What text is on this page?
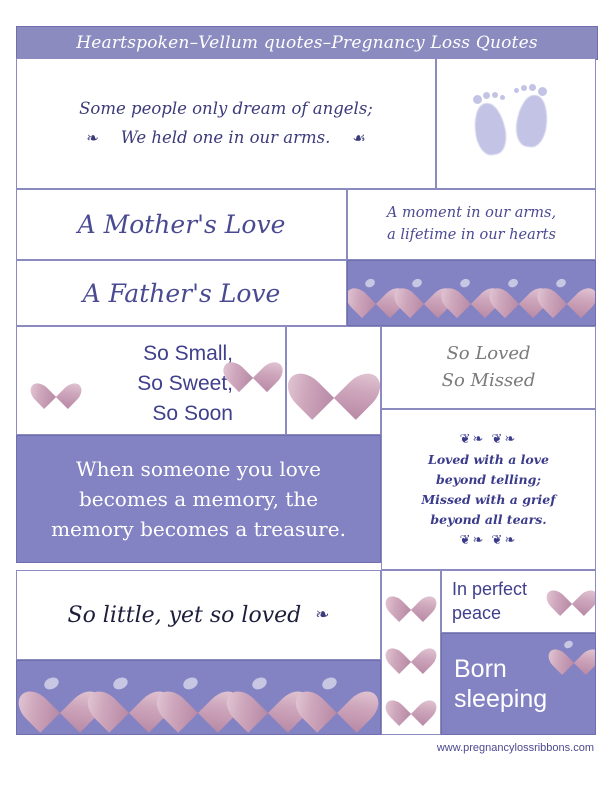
Heartspoken–Vellum quotes–Pregnancy Loss Quotes
Some people only dream of angels;
❧ We held one in our arms. ☙
A Mother's Love	A moment in our arms,
a lifetime in our hearts
A Father's Love
So Small,
So Sweet,
So Soon
So Loved
So Missed
❦❧ ❦❧
Loved with a love
beyond telling;
Missed with a grief
beyond all tears.
❦❧ ❦❧
When someone you love
becomes a memory, the
memory becomes a treasure.
So little, yet so loved ❧
In perfect
peace
Born
sleeping
www.pregnancylossribbons.com
